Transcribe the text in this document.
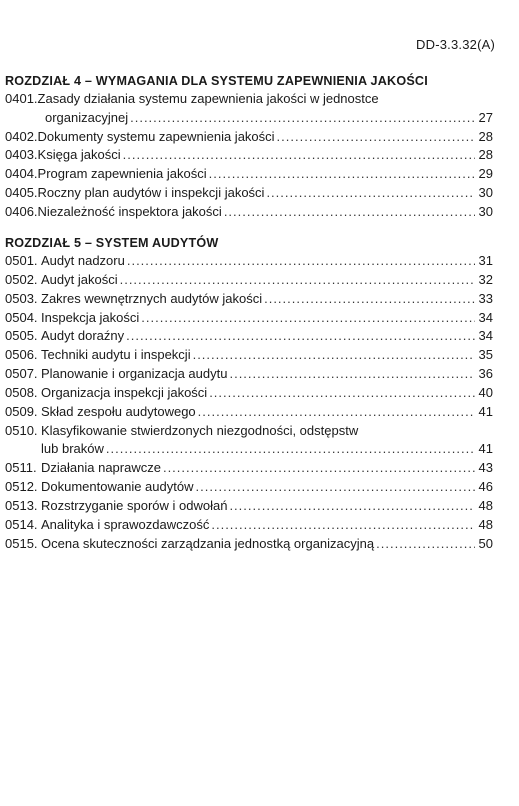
DD-3.3.32(A)
ROZDZIAŁ 4 – WYMAGANIA DLA SYSTEMU ZAPEWNIENIA JAKOŚCI
0401. Zasady działania systemu zapewnienia jakości w jednostce
organizacyjnej .....	27
0402. Dokumenty systemu zapewnienia jakości .....	28
0403. Księga jakości .....	28
0404. Program zapewnienia jakości .....	29
0405. Roczny plan audytów i inspekcji jakości .....	30
0406. Niezależność inspektora jakości .....	30
ROZDZIAŁ 5 – SYSTEM AUDYTÓW
0501. Audyt nadzoru .....	31
0502. Audyt jakości .....	32
0503. Zakres wewnętrznych audytów jakości .....	33
0504. Inspekcja jakości .....	34
0505. Audyt doraźny .....	34
0506. Techniki audytu i inspekcji .....	35
0507. Planowanie i organizacja audytu .....	36
0508. Organizacja inspekcji jakości .....	40
0509. Skład zespołu audytowego .....	41
0510. Klasyfikowanie stwierdzonych niezgodności, odstępstw
lub braków .....	41
0511. Działania naprawcze .....	43
0512. Dokumentowanie audytów .....	46
0513. Rozstrzyganie sporów i odwołań .....	48
0514. Analityka i sprawozdawczość .....	48
0515. Ocena skuteczności zarządzania jednostką organizacyjną .....	50
